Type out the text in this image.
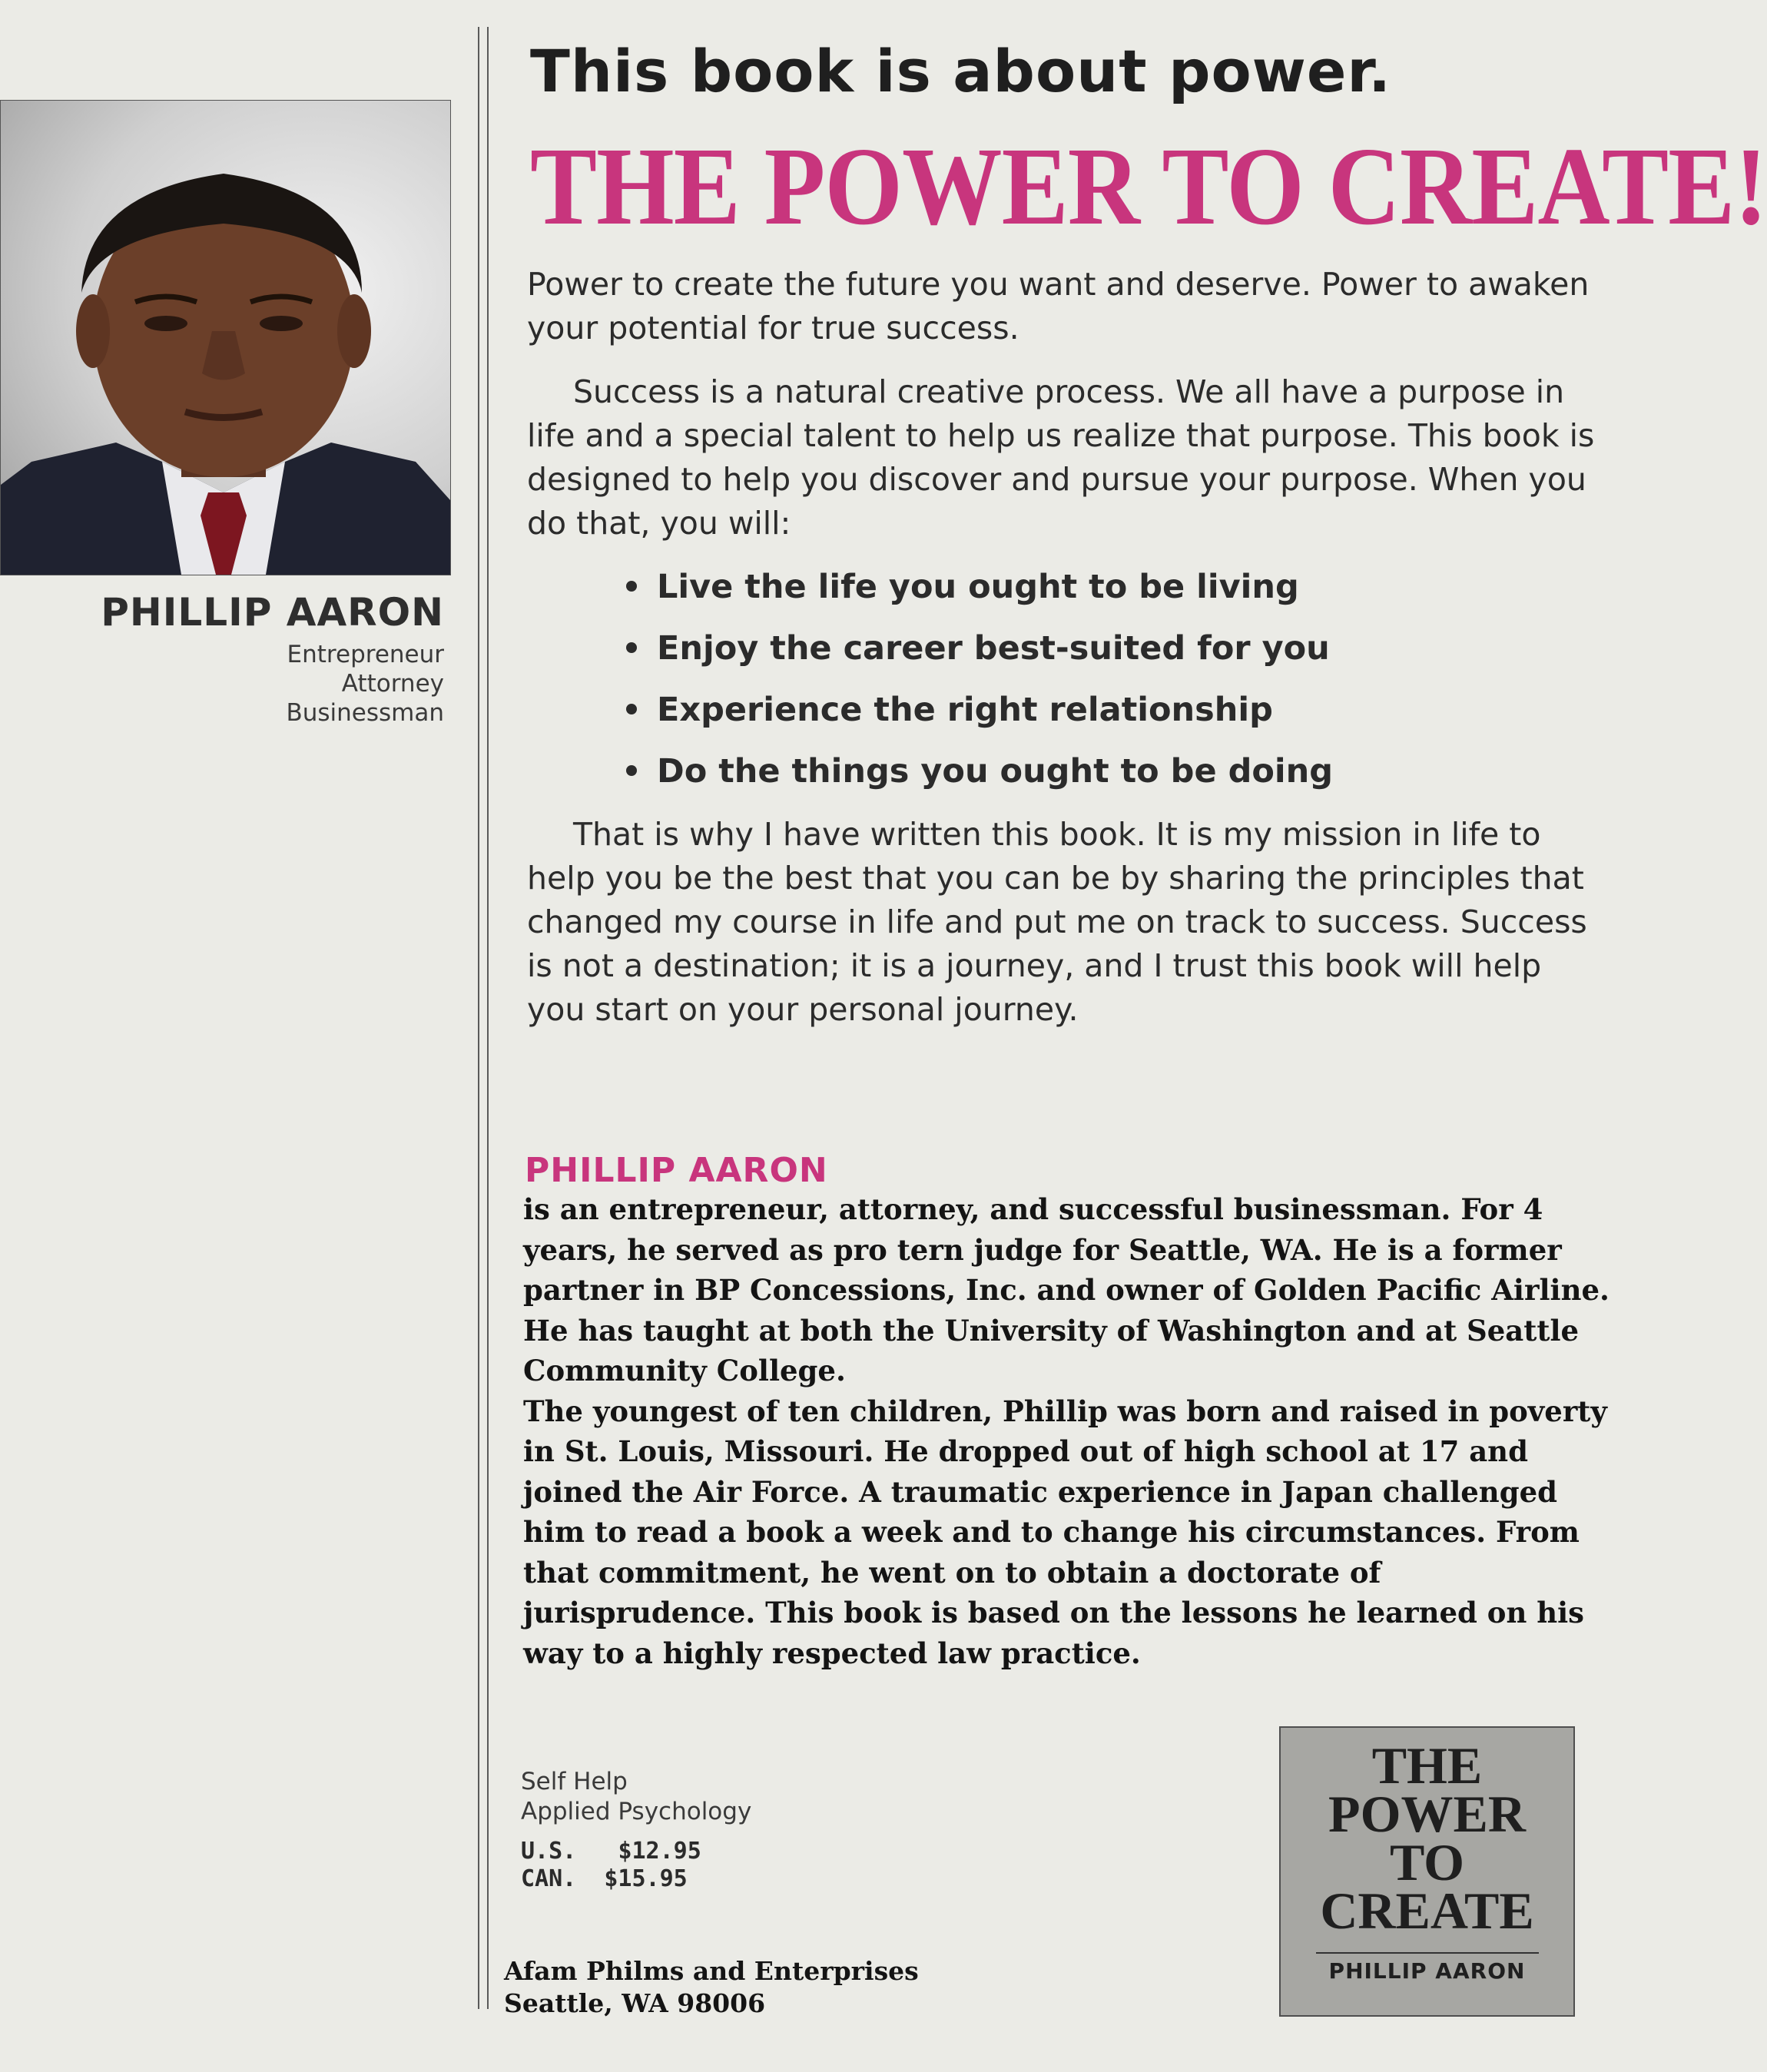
PHILLIP AARON
Entrepreneur
Attorney
Businessman
This book is about power.
THE POWER TO CREATE!

Power to create the future you want and deserve. Power to awaken your potential for true success.

Success is a natural creative process. We all have a purpose in life and a special talent to help us realize that purpose. This book is designed to help you discover and pursue your purpose. When you do that, you will:

Live the life you ought to be living
Enjoy the career best-suited for you
Experience the right relationship
Do the things you ought to be doing

That is why I have written this book. It is my mission in life to help you be the best that you can be by sharing the principles that changed my course in life and put me on track to success. Success is not a destination; it is a journey, and I trust this book will help you start on your personal journey.

PHILLIP AARON

is an entrepreneur, attorney, and successful businessman. For 4 years, he served as pro tern judge for Seattle, WA. He is a former partner in BP Concessions, Inc. and owner of Golden Pacific Airline. He has taught at both the University of Washington and at Seattle Community College.

The youngest of ten children, Phillip was born and raised in poverty in St. Louis, Missouri. He dropped out of high school at 17 and joined the Air Force. A traumatic experience in Japan challenged him to read a book a week and to change his circumstances. From that commitment, he went on to obtain a doctorate of jurisprudence. This book is based on the lessons he learned on his way to a highly respected law practice.

Self Help
Applied Psychology
U.S. $12.95
CAN. $15.95
Afam Philms and Enterprises
Seattle, WA 98006
THE
POWER
TO
CREATE
PHILLIP AARON
